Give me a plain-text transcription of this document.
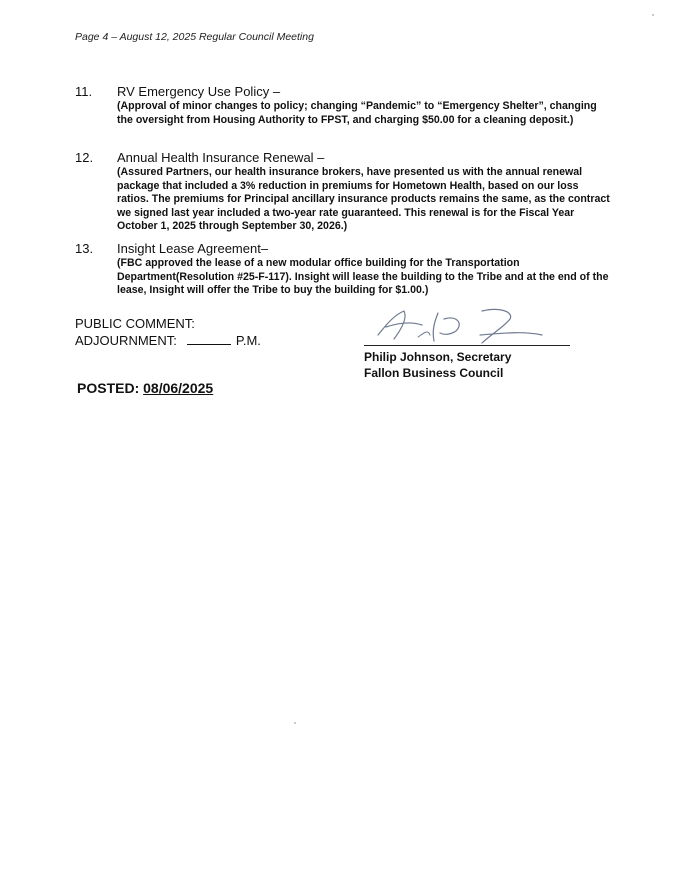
Page 4 – August 12, 2025 Regular Council Meeting
11. RV Emergency Use Policy –
(Approval of minor changes to policy; changing “Pandemic” to “Emergency Shelter”, changing the oversight from Housing Authority to FPST, and charging $50.00 for a cleaning deposit.)
12. Annual Health Insurance Renewal –
(Assured Partners, our health insurance brokers, have presented us with the annual renewal package that included a 3% reduction in premiums for Hometown Health, based on our loss ratios. The premiums for Principal ancillary insurance products remains the same, as the contract we signed last year included a two-year rate guaranteed. This renewal is for the Fiscal Year October 1, 2025 through September 30, 2026.)
13. Insight Lease Agreement–
(FBC approved the lease of a new modular office building for the Transportation Department(Resolution #25-F-117). Insight will lease the building to the Tribe and at the end of the lease, Insight will offer the Tribe to buy the building for $1.00.)
PUBLIC COMMENT:
ADJOURNMENT:	P.M.
Philip Johnson, Secretary
Fallon Business Council
POSTED: 08/06/2025
